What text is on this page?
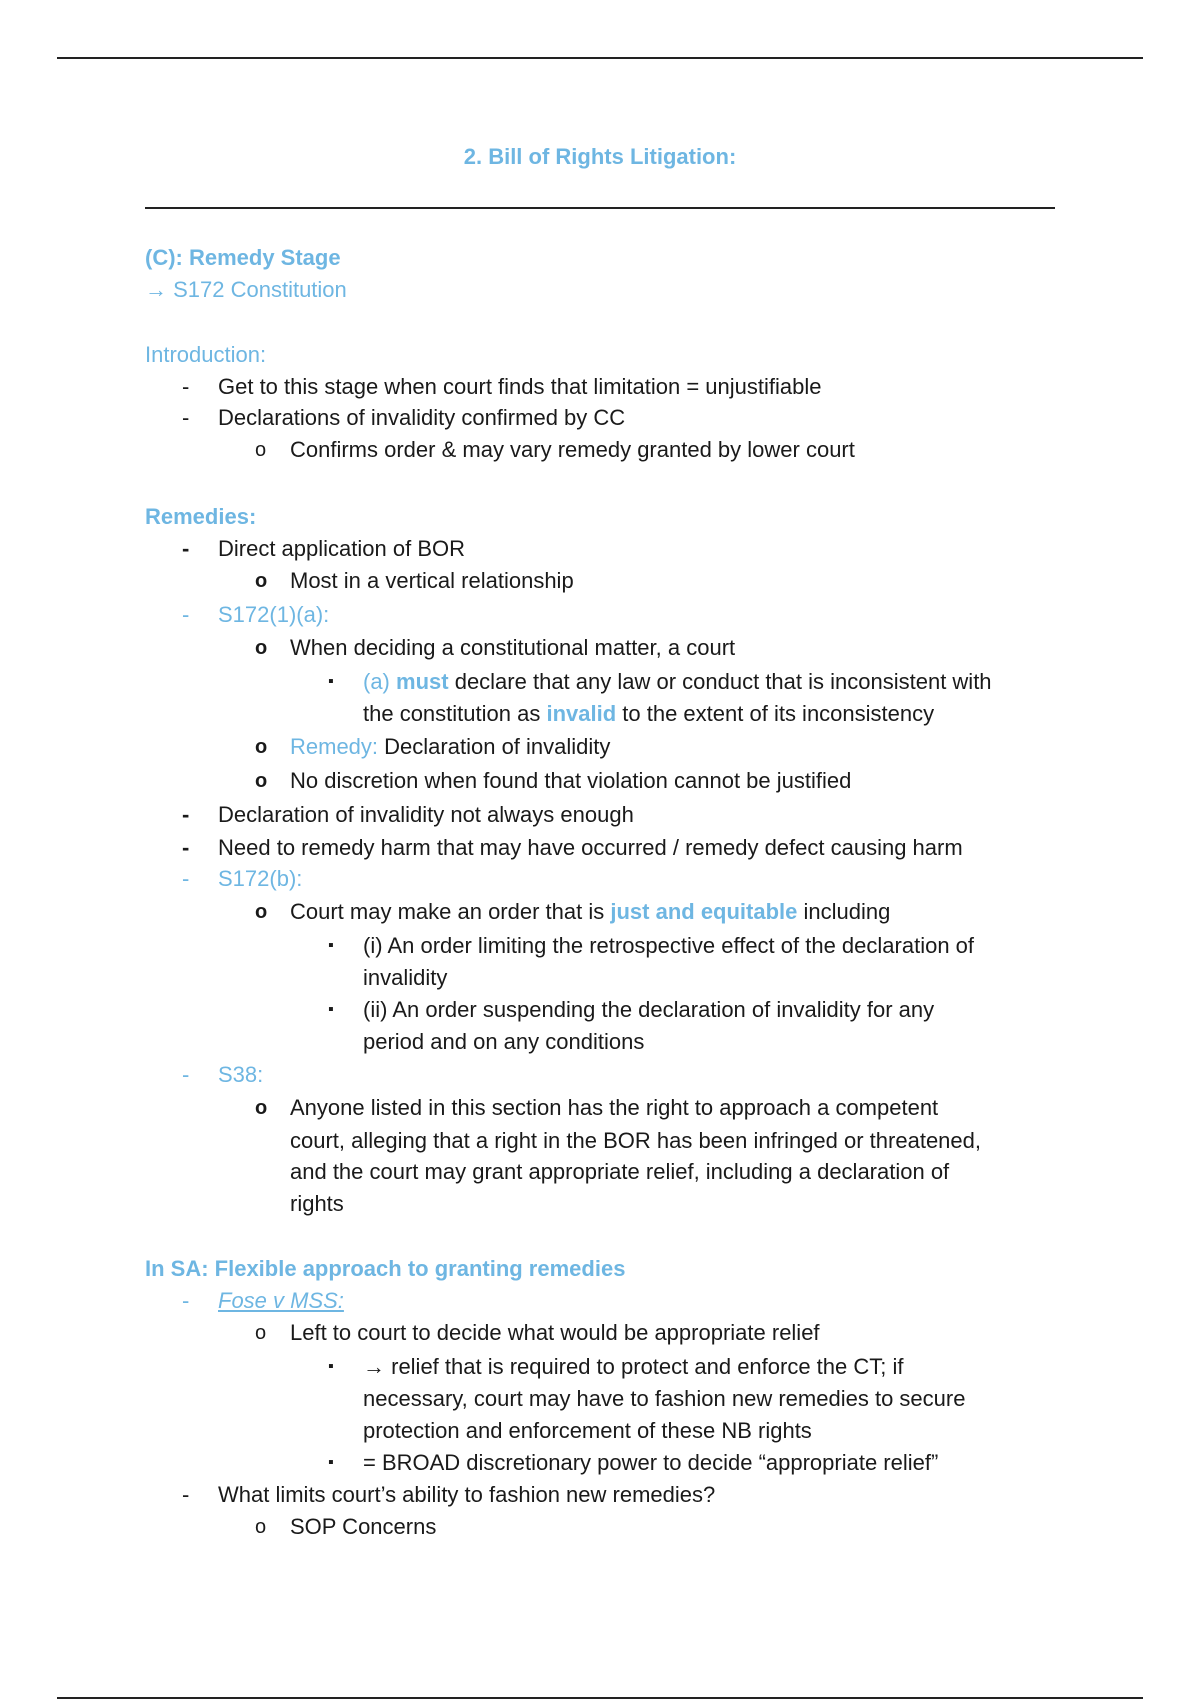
2. Bill of Rights Litigation:
(C): Remedy Stage
→ S172 Constitution
Introduction:
- Get to this stage when court finds that limitation = unjustifiable
- Declarations of invalidity confirmed by CC
o Confirms order & may vary remedy granted by lower court
Remedies:
- Direct application of BOR
o Most in a vertical relationship
- S172(1)(a):
o When deciding a constitutional matter, a court
▪ (a) must declare that any law or conduct that is inconsistent with
the constitution as invalid to the extent of its inconsistency
o Remedy: Declaration of invalidity
o No discretion when found that violation cannot be justified
- Declaration of invalidity not always enough
- Need to remedy harm that may have occurred / remedy defect causing harm
- S172(b):
o Court may make an order that is just and equitable including
▪ (i) An order limiting the retrospective effect of the declaration of
invalidity
▪ (ii) An order suspending the declaration of invalidity for any
period and on any conditions
- S38:
o Anyone listed in this section has the right to approach a competent
court, alleging that a right in the BOR has been infringed or threatened,
and the court may grant appropriate relief, including a declaration of
rights
In SA: Flexible approach to granting remedies
- Fose v MSS:
o Left to court to decide what would be appropriate relief
▪ → relief that is required to protect and enforce the CT; if
necessary, court may have to fashion new remedies to secure
protection and enforcement of these NB rights
▪ = BROAD discretionary power to decide “appropriate relief”
- What limits court’s ability to fashion new remedies?
o SOP Concerns
